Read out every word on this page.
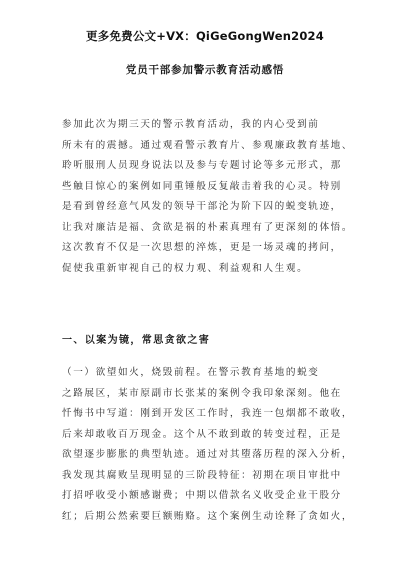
更多免费公文+VX：QiGeGongWen2024
党员干部参加警示教育活动感悟
参加此次为期三天的警示教育活动，我的内心受到前
所未有的震撼。通过观看警示教育片、参观廉政教育基地、
聆听服刑人员现身说法以及参与专题讨论等多元形式，那
些触目惊心的案例如同重锤般反复敲击着我的心灵。特别
是看到曾经意气风发的领导干部沦为阶下囚的蜕变轨迹，
让我对廉洁是福、贪欲是祸的朴素真理有了更深刻的体悟。
这次教育不仅是一次思想的淬炼，更是一场灵魂的拷问，
促使我重新审视自己的权力观、利益观和人生观。
一、以案为镜，常思贪欲之害
（一）欲望如火，烧毁前程。在警示教育基地的蜕变
之路展区，某市原副市长张某的案例令我印象深刻。他在
忏悔书中写道：刚到开发区工作时，我连一包烟都不敢收，
后来却敢收百万现金。这个从不敢到敢的转变过程，正是
欲望逐步膨胀的典型轨迹。通过对其堕落历程的深入分析，
我发现其腐败呈现明显的三阶段特征：初期在项目审批中
打招呼收受小额感谢费；中期以借款名义收受企业干股分
红；后期公然索要巨额贿赂。这个案例生动诠释了贪如火，
